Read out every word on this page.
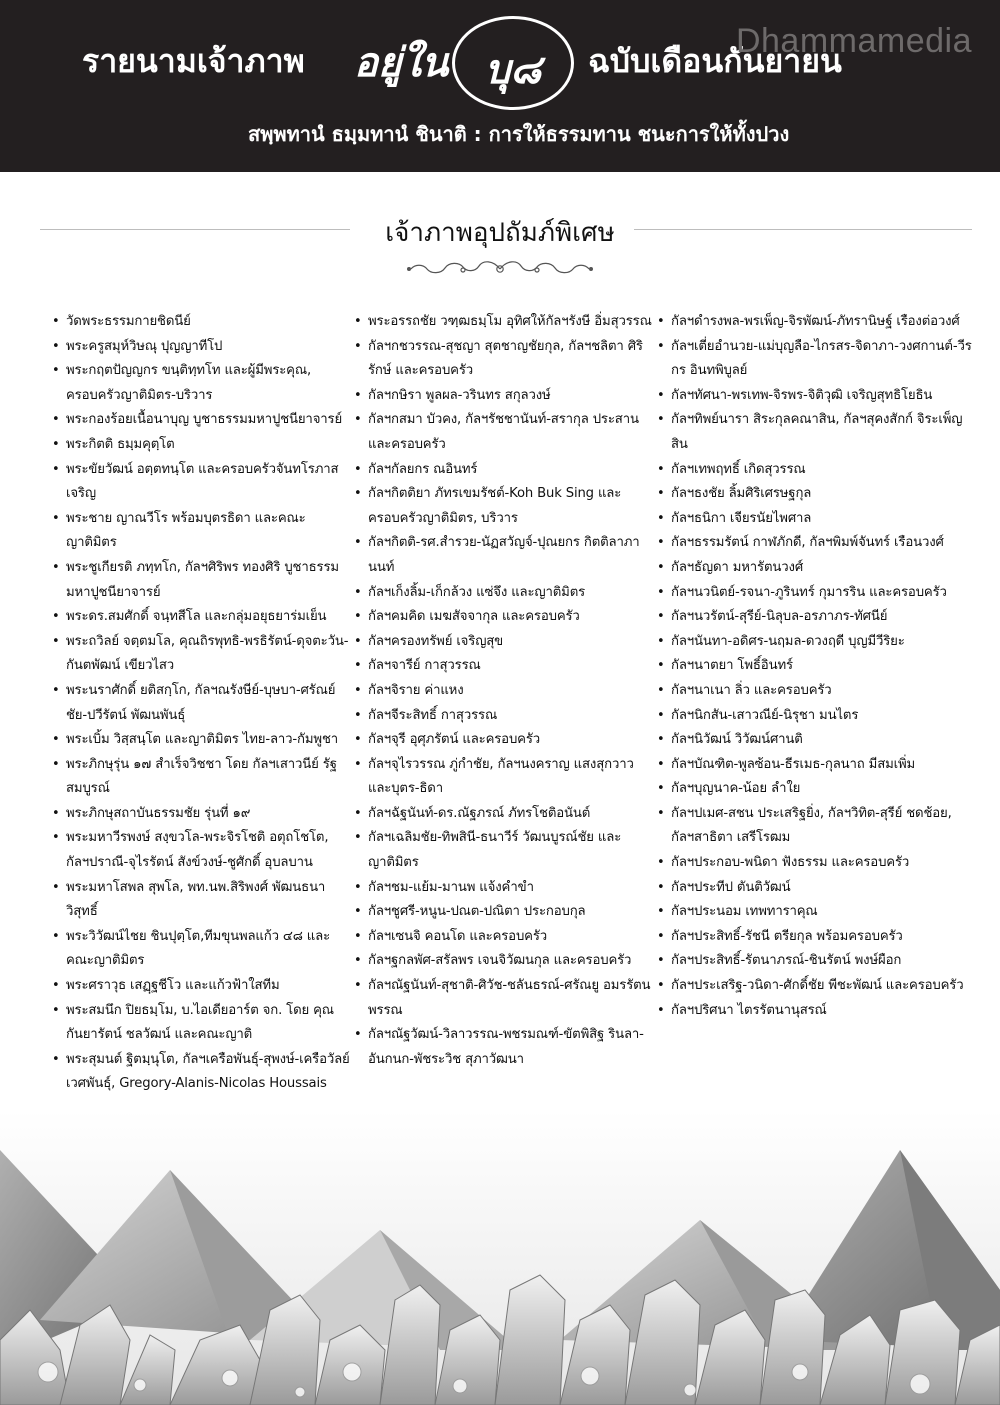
รายนามเจ้าภาพ อยู่ใน บุ๘	ฉบับเดือนกันยายน
Dhammamedia
สพฺพทานํ ธมฺมทานํ ชินาติ : การให้ธรรมทาน ชนะการให้ทั้งปวง
เจ้าภาพอุปถัมภ์พิเศษ
• วัดพระธรรมกายชิดนีย์
• พระครูสมุห์วิษณุ ปุญญาทีโป
• พระกฤตปัญญกร ขนฺติทฺทโท และผู้มีพระคุณ, ครอบครัวญาติมิตร-บริวาร
• พระกองร้อยเนื้อนาบุญ บูชาธรรมมหาปูชนียาจารย์
• พระกิตติ ธมฺมคุตฺโต
• พระขัยวัฒน์ อตฺตทนฺโต และครอบครัวจันทโรภาสเจริญ
• พระชาย ญาณวีโร พร้อมบุตรธิดา และคณะญาติมิตร
• พระชูเกียรติ ภทฺทโก, กัลฯศิริพร ทองศิริ บูชาธรรมมหาปูชนียาจารย์
• พระดร.สมศักดิ์ จนฺทสีโล และกลุ่มอยุธยาร่มเย็น
• พระถวิลย์ จตฺตมโล, คุณถิรพุทธิ-พรธิรัตน์-ดุจตะวัน-กันตพัฒน์ เขียวไสว
• พระนราศักดิ์ ยติสกฺโก, กัลฯณรังษีย์-บุษบา-ศรัณย์ชัย-ปวีรัตน์ พัฒนพันธุ์
• พระเบิ้ม วิสฺสนฺโต และญาติมิตร ไทย-ลาว-กัมพูชา
• พระภิกษุรุ่น ๑๗ สำเร็จวิชชา โดย กัลฯเสาวนีย์ รัฐสมบูรณ์
• พระภิกษุสถาบันธรรมชัย รุ่นที่ ๑๙
• พระมหาวีรพงษ์ สงฺขวโล-พระจิรโชติ อตุถโชโต, กัลฯปราณี-จุไรรัตน์ สังข์วงษ์-ชูศักดิ์ อุบลบาน
• พระมหาโสพล สุพโล, พท.นพ.สิริพงศ์ พัฒนธนาวิสุทธิ์
• พระวิวัฒน์ไชย ชินปุตฺโต,ทีมขุนพลแก้ว ๔๘ และคณะญาติมิตร
• พระศราวุธ เสฏฺฐชีโว และแก้วฟ้าใสทีม
• พระสมนึก ปิยธมฺโม, บ.ไอเดียอาร์ต จก. โดย คุณกันยารัตน์ ชลวัฒน์ และคณะญาติ
• พระสุมนต์ ฐิตมฺนุโต, กัลฯเครือพันธุ์-สุพงษ์-เครือวัลย์ เวศพันธุ์, Gregory-Alanis-Nicolas Houssais
• พระอรรถชัย วฑฺฒธมฺโม อุทิศให้กัลฯรังษี อิ่มสุวรรณ
• กัลฯกชวรรณ-สุชญา สุตชาญชัยกุล, กัลฯชลิตา ศิริรักษ์ และครอบครัว
• กัลฯกษิรา พูลผล-วรินทร สกุลวงษ์
• กัลฯกสมา บัวคง, กัลฯรัชชานันท์-สรากุล ประสาน และครอบครัว
• กัลฯกัลยกร ณอินทร์
• กัลฯกิตติยา ภัทรเขมรัชต์-Koh Buk Sing และครอบครัวญาติมิตร, บริวาร
• กัลฯกิตติ-รศ.สำรวย-นัฏสวัญจ์-ปุณยกร กิตติลาภานนท์
• กัลฯเก็งลิ้ม-เก็กล้วง แซ่จึง และญาติมิตร
• กัลฯคมคิด เมฆสัจจากุล และครอบครัว
• กัลฯครองทรัพย์ เจริญสุข
• กัลฯจารีย์ กาสุวรรณ
• กัลฯจิราย ค่าแหง
• กัลฯจีระสิทธิ์ กาสุวรรณ
• กัลฯจุรี อุศุภรัตน์ และครอบครัว
• กัลฯจุไรวรรณ ภู่กำชัย, กัลฯนงคราญ แสงสุกวาว และบุตร-ธิดา
• กัลฯฉัฐนันท์-ดร.ณัฐภรณ์ ภัทรโชติอนันต์
• กัลฯเฉลิมชัย-ทิพสินี-ธนาวีร์ วัฒนบูรณ์ชัย และญาติมิตร
• กัลฯชม-แย้ม-มานพ แจ้งคำขำ
• กัลฯชูศรี-หนูน-ปณต-ปณิตา ประกอบกุล
• กัลฯเซนจิ คอนโด และครอบครัว
• กัลฯฐกลพัศ-สรัลพร เจนจิวัฒนกุล และครอบครัว
• กัลฯณัฐนันท์-สุชาติ-ศิวัช-ชลันธรณ์-ศรัณยู อมรรัตนพรรณ
• กัลฯณัฐวัฒน์-วิลาวรรณ-พชรมณฑ์-ขัตพิสิฐ รินลา-อันกนก-พัชระวิช สุภาวัฒนา
• กัลฯดำรงพล-พรเพ็ญ-จิรพัฒน์-ภัทรานิษฐ์ เรืองต่อวงศ์
• กัลฯเตี่ยอำนวย-แม่บุญลือ-ไกรสร-จิดาภา-วงศกานต์-วีรกร อินทพิบูลย์
• กัลฯทัศนา-พรเทพ-จิรพร-จิติวุฒิ เจริญสุทธิโยธิน
• กัลฯทิพย์นารา สิระกุลคณาสิน, กัลฯสุคงสักก์ จิระเพ็ญสิน
• กัลฯเทพฤทธิ์ เกิดสุวรรณ
• กัลฯธงชัย ลิ้มศิริเศรษฐกุล
• กัลฯธนิกา เจียรนัยไพศาล
• กัลฯธรรมรัตน์ กาฬภักดี, กัลฯพิมพ์จันทร์ เรือนวงศ์
• กัลฯธัญดา มหารัตนวงศ์
• กัลฯนวนิตย์-รจนา-ภูรินทร์ กุมารริน และครอบครัว
• กัลฯนวรัตน์-สุรีย์-นิลุบล-อรภาภร-ทัศนีย์
• กัลฯนันทา-อดิศร-นฤมล-ดวงฤดี บุญมีวีริยะ
• กัลฯนาตยา โพธิ์อินทร์
• กัลฯนาเนา ลิ่ว และครอบครัว
• กัลฯนิกสัน-เสาวณีย์-นิรุชา มนไตร
• กัลฯนิวัฒน์ วิวัฒน์ศานติ
• กัลฯบัณฑิต-พูลซ้อน-ธีรเมธ-กุลนาถ มีสมเพิ่ม
• กัลฯบุญนาค-น้อย ลำใย
• กัลฯปเมศ-สชน ประเสริฐยิ่ง, กัลฯวิทิต-สุรีย์ ชดช้อย, กัลฯสาธิตา เสรีโรฒม
• กัลฯประกอบ-พนิดา ฟังธรรม และครอบครัว
• กัลฯประทีป ตันติวัฒน์
• กัลฯประนอม เทพทาราคุณ
• กัลฯประสิทธิ์-รัชนี ตรียกุล พร้อมครอบครัว
• กัลฯประสิทธิ์-รัตนาภรณ์-ชินรัตน์ พงษ์ผือก
• กัลฯประเสริฐ-วนิดา-ศักดิ์ชัย พีชะพัฒน์ และครอบครัว
• กัลฯปริศนา ไตรรัตนานุสรณ์
